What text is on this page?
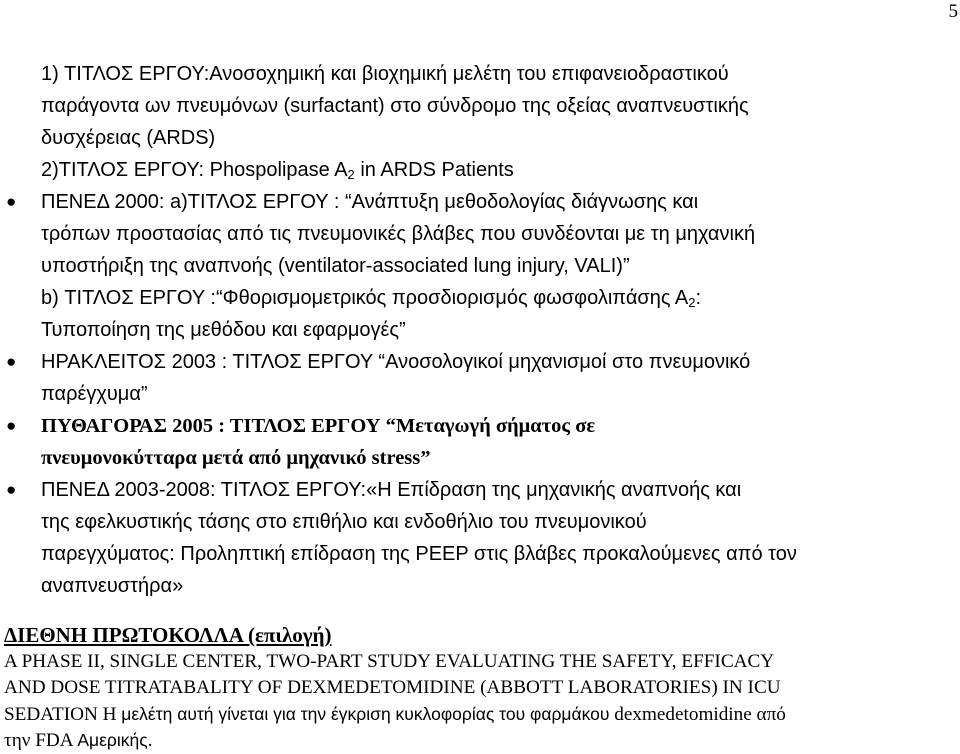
5
1) ΤΙΤΛΟΣ ΕΡΓΟΥ:Ανοσοχημική και βιοχημική μελέτη του επιφανειοδραστικού
παράγοντα ων πνευμόνων (surfactant) στο σύνδρομο της οξείας αναπνευστικής
δυσχέρειας (ARDS)
2)ΤΙΤΛΟΣ ΕΡΓΟΥ: Phospolipase $A_2$ in ARDS Patients
● ΠΕΝΕΔ 2000: a)ΤΙΤΛΟΣ ΕΡΓΟΥ : “Ανάπτυξη μεθοδολογίας διάγνωσης και
τρόπων προστασίας από τις πνευμονικές βλάβες που συνδέονται με τη μηχανική
υποστήριξη της αναπνοής (ventilator-associated lung injury, VALI)”
b) ΤΙΤΛΟΣ ΕΡΓΟΥ :“Φθορισμομετρικός προσδιορισμός φωσφολιπάσης $A_2$:
Τυποποίηση της μεθόδου και εφαρμογές”
● ΗΡΑΚΛΕΙΤΟΣ 2003 : ΤΙΤΛΟΣ ΕΡΓΟΥ “Ανοσολογικοί μηχανισμοί στο πνευμονικό
παρέγχυμα”
● ΠΥΘΑΓΟΡΑΣ 2005 : ΤΙΤΛΟΣ ΕΡΓΟΥ “Μεταγωγή σήματος σε
πνευμονοκύτταρα μετά από μηχανικό stress”
● ΠΕΝΕΔ 2003-2008: ΤΙΤΛΟΣ ΕΡΓΟΥ:«Η Επίδραση της μηχανικής αναπνοής και
της εφελκυστικής τάσης στο επιθήλιο και ενδοθήλιο του πνευμονικού
παρεγχύματος: Προληπτική επίδραση της PEEP στις βλάβες προκαλούμενες από τον
αναπνευστήρα»
ΔΙΕΘΝΗ ΠΡΩΤΟΚΟΛΛΑ (επιλογή)
A PHASE II, SINGLE CENTER, TWO-PART STUDY EVALUATING THE SAFETY, EFFICACY
AND DOSE TITRATABALITY OF DEXMEDETOMIDINE (ABBOTT LABORATORIES) IN ICU
SEDATION Η μελέτη αυτή γίνεται για την έγκριση κυκλοφορίας του φαρμάκου dexmedetomidine από
την FDA Αμερικής.
